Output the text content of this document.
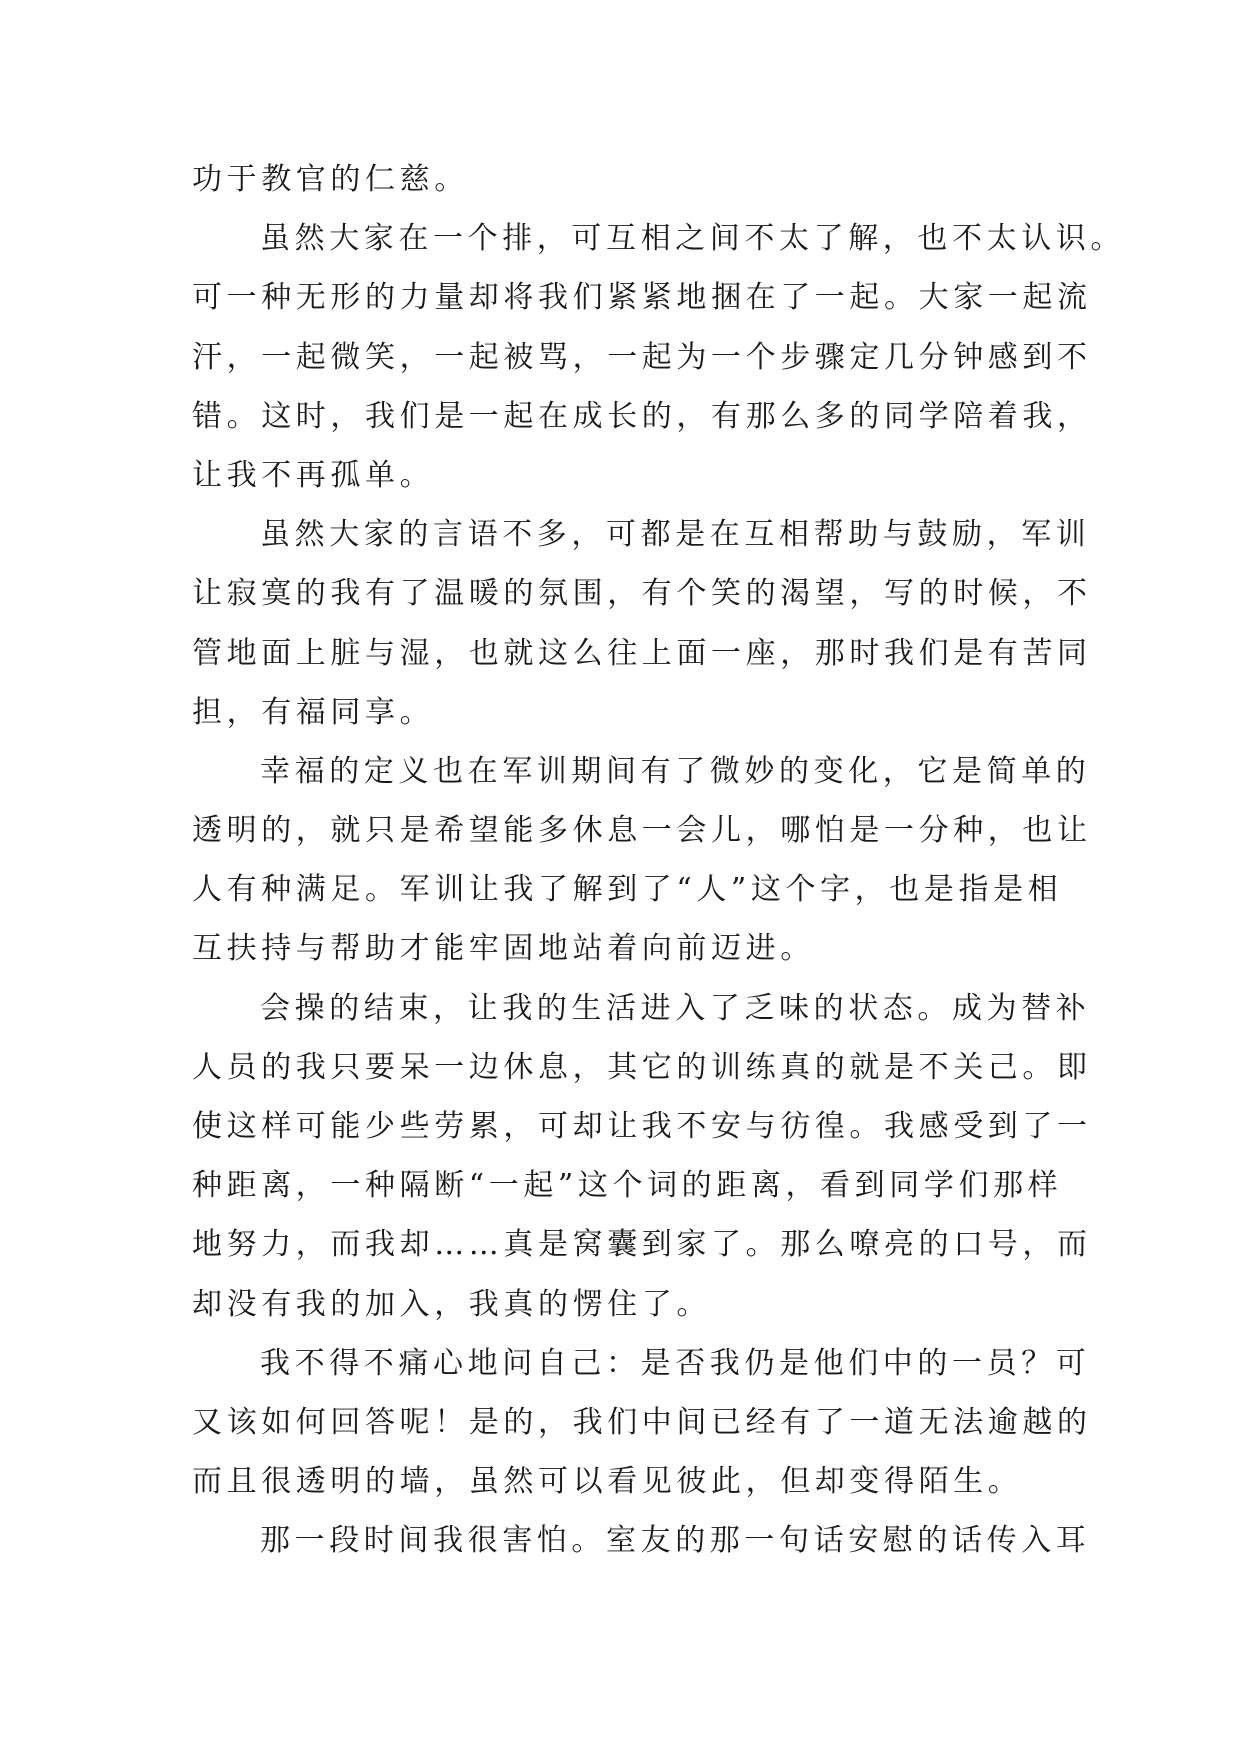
功于教官的仁慈。
虽然大家在一个排，可互相之间不太了解，也不太认识。
可一种无形的力量却将我们紧紧地捆在了一起。大家一起流
汗，一起微笑，一起被骂，一起为一个步骤定几分钟感到不
错。这时，我们是一起在成长的，有那么多的同学陪着我，
让我不再孤单。
虽然大家的言语不多，可都是在互相帮助与鼓励，军训
让寂寞的我有了温暖的氛围，有个笑的渴望，写的时候，不
管地面上脏与湿，也就这么往上面一座，那时我们是有苦同
担，有福同享。
幸福的定义也在军训期间有了微妙的变化，它是简单的
透明的，就只是希望能多休息一会儿，哪怕是一分种，也让
人有种满足。军训让我了解到了“人”这个字，也是指是相
互扶持与帮助才能牢固地站着向前迈进。
会操的结束，让我的生活进入了乏味的状态。成为替补
人员的我只要呆一边休息，其它的训练真的就是不关己。即
使这样可能少些劳累，可却让我不安与彷徨。我感受到了一
种距离，一种隔断“一起”这个词的距离，看到同学们那样
地努力，而我却……真是窝囊到家了。那么嘹亮的口号，而
却没有我的加入，我真的愣住了。
我不得不痛心地问自己：是否我仍是他们中的一员？可
又该如何回答呢！是的，我们中间已经有了一道无法逾越的
而且很透明的墙，虽然可以看见彼此，但却变得陌生。
那一段时间我很害怕。室友的那一句话安慰的话传入耳
